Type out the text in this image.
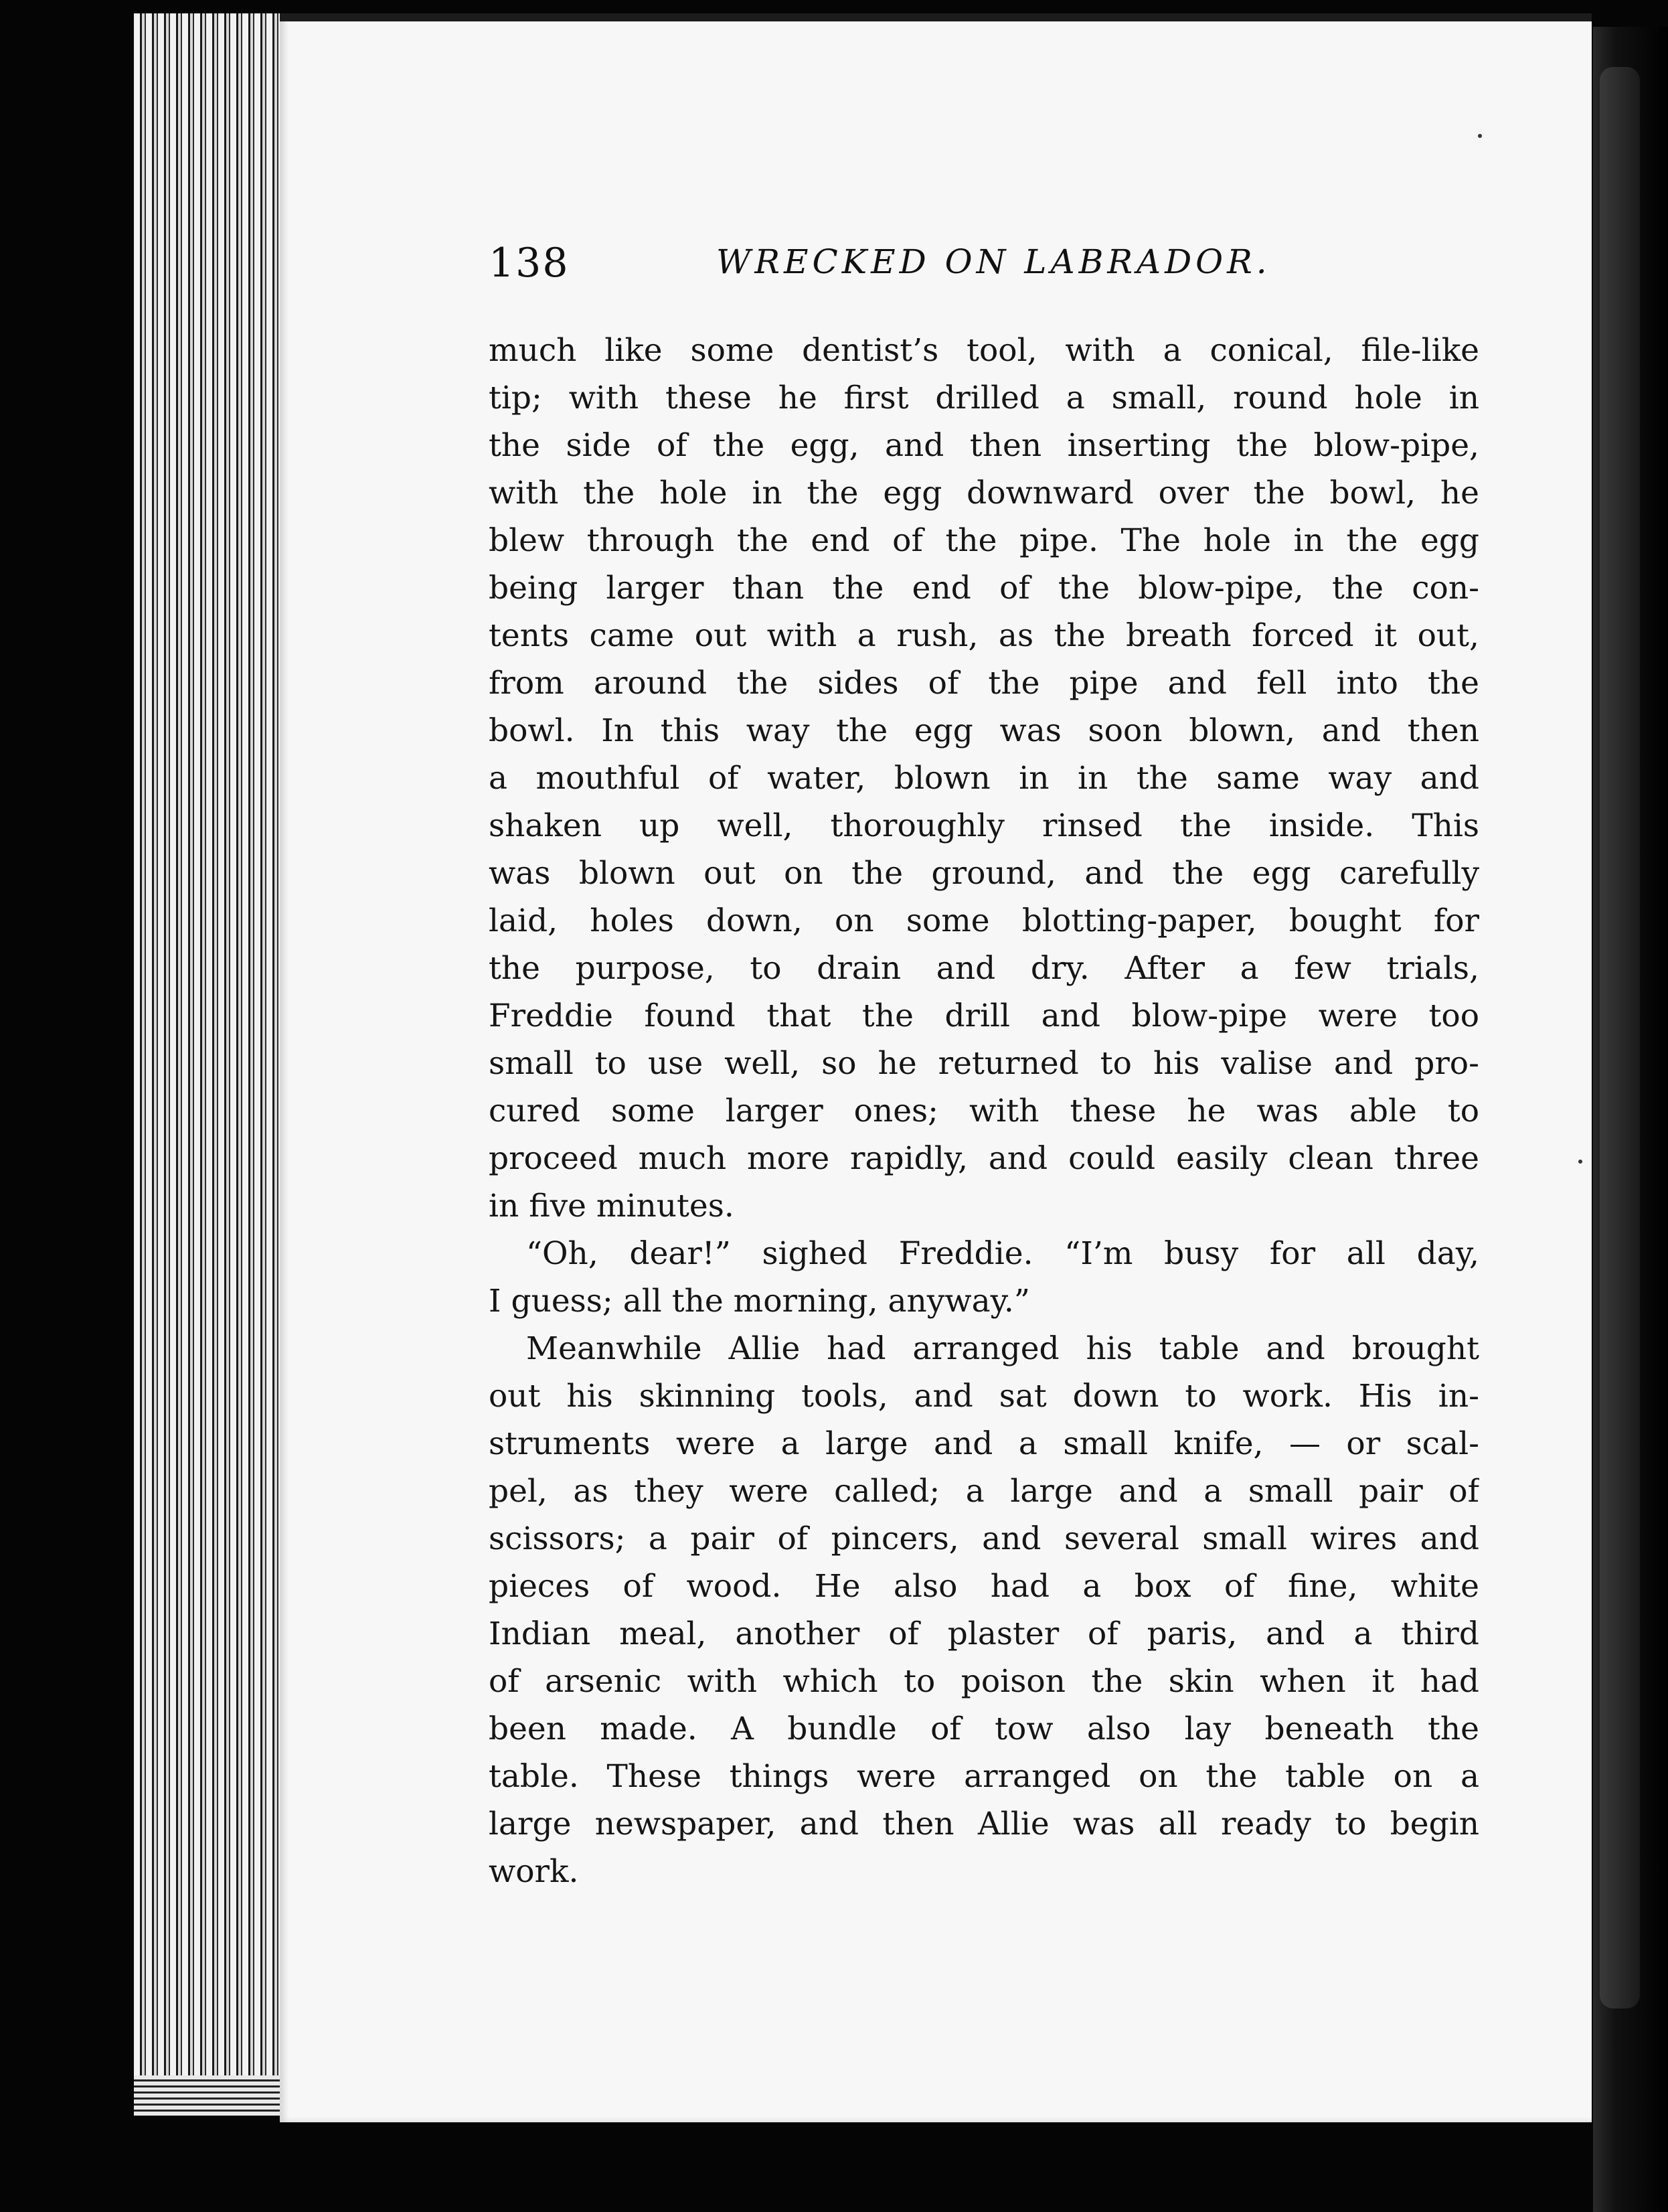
138	WRECKED ON LABRADOR.
much like some dentist’s tool, with a conical, file-like
tip; with these he first drilled a small, round hole in
the side of the egg, and then inserting the blow-pipe,
with the hole in the egg downward over the bowl, he
blew through the end of the pipe. The hole in the egg
being larger than the end of the blow-pipe, the con-
tents came out with a rush, as the breath forced it out,
from around the sides of the pipe and fell into the
bowl. In this way the egg was soon blown, and then
a mouthful of water, blown in in the same way and
shaken up well, thoroughly rinsed the inside. This
was blown out on the ground, and the egg carefully
laid, holes down, on some blotting-paper, bought for
the purpose, to drain and dry. After a few trials,
Freddie found that the drill and blow-pipe were too
small to use well, so he returned to his valise and pro-
cured some larger ones; with these he was able to
proceed much more rapidly, and could easily clean three
in five minutes.
“Oh, dear!” sighed Freddie. “I’m busy for all day,
I guess; all the morning, anyway.”
Meanwhile Allie had arranged his table and brought
out his skinning tools, and sat down to work. His in-
struments were a large and a small knife, — or scal-
pel, as they were called; a large and a small pair of
scissors; a pair of pincers, and several small wires and
pieces of wood. He also had a box of fine, white
Indian meal, another of plaster of paris, and a third
of arsenic with which to poison the skin when it had
been made. A bundle of tow also lay beneath the
table. These things were arranged on the table on a
large newspaper, and then Allie was all ready to begin
work.
